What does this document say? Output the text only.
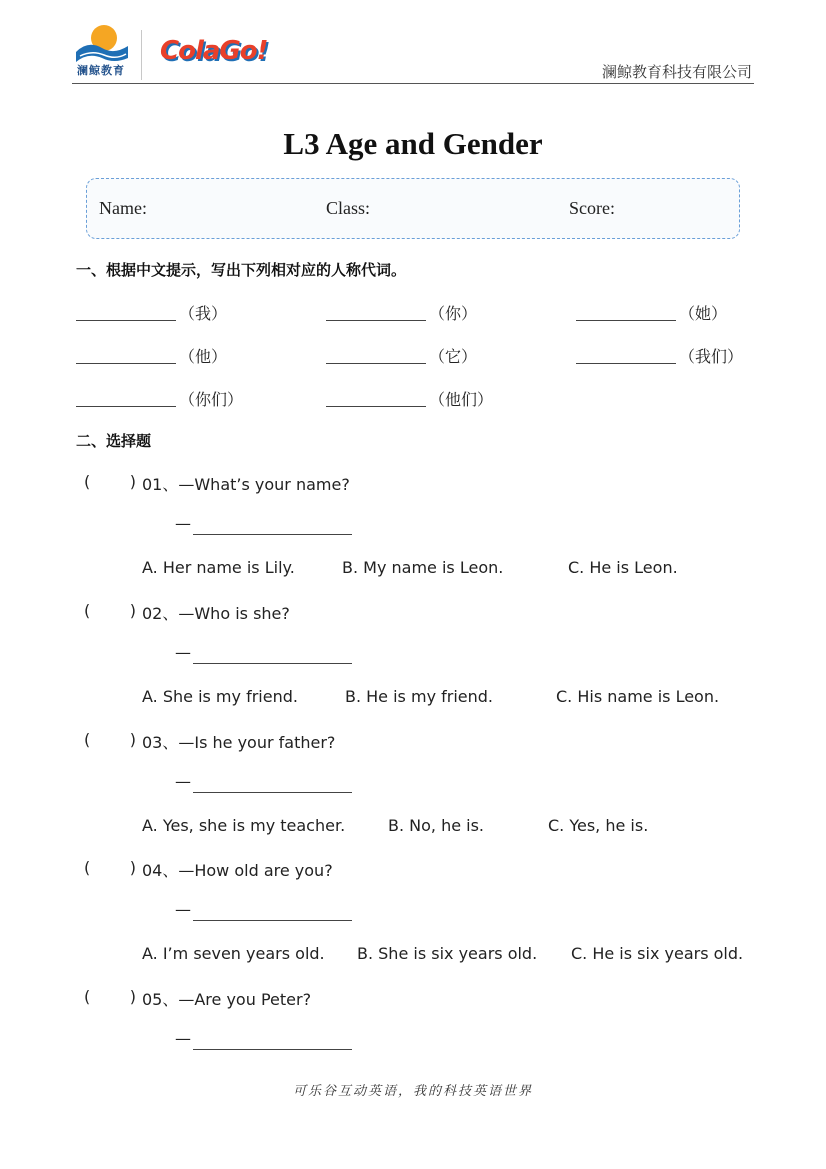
澜鲸教育
ColaGo!
澜鲸教育科技有限公司
L3 Age and Gender
Name:	Class:	Score:
一、根据中文提示，写出下列相对应的人称代词。
（我）	（你）	（她）
（他）	（它）	（我们）
（你们）	（他们）
二、选择题
( ) 01、—What’s your name?
—
A. Her name is Lily.	B. My name is Leon.	C. He is Leon.
( ) 02、—Who is she?
—
A. She is my friend.	B. He is my friend.	C. His name is Leon.
( ) 03、—Is he your father?
—
A. Yes, she is my teacher.	B. No, he is.	C. Yes, he is.
( ) 04、—How old are you?
—
A. I’m seven years old. B. She is six years old. C. He is six years old.
( ) 05、—Are you Peter?
—
可乐谷互动英语，我的科技英语世界
